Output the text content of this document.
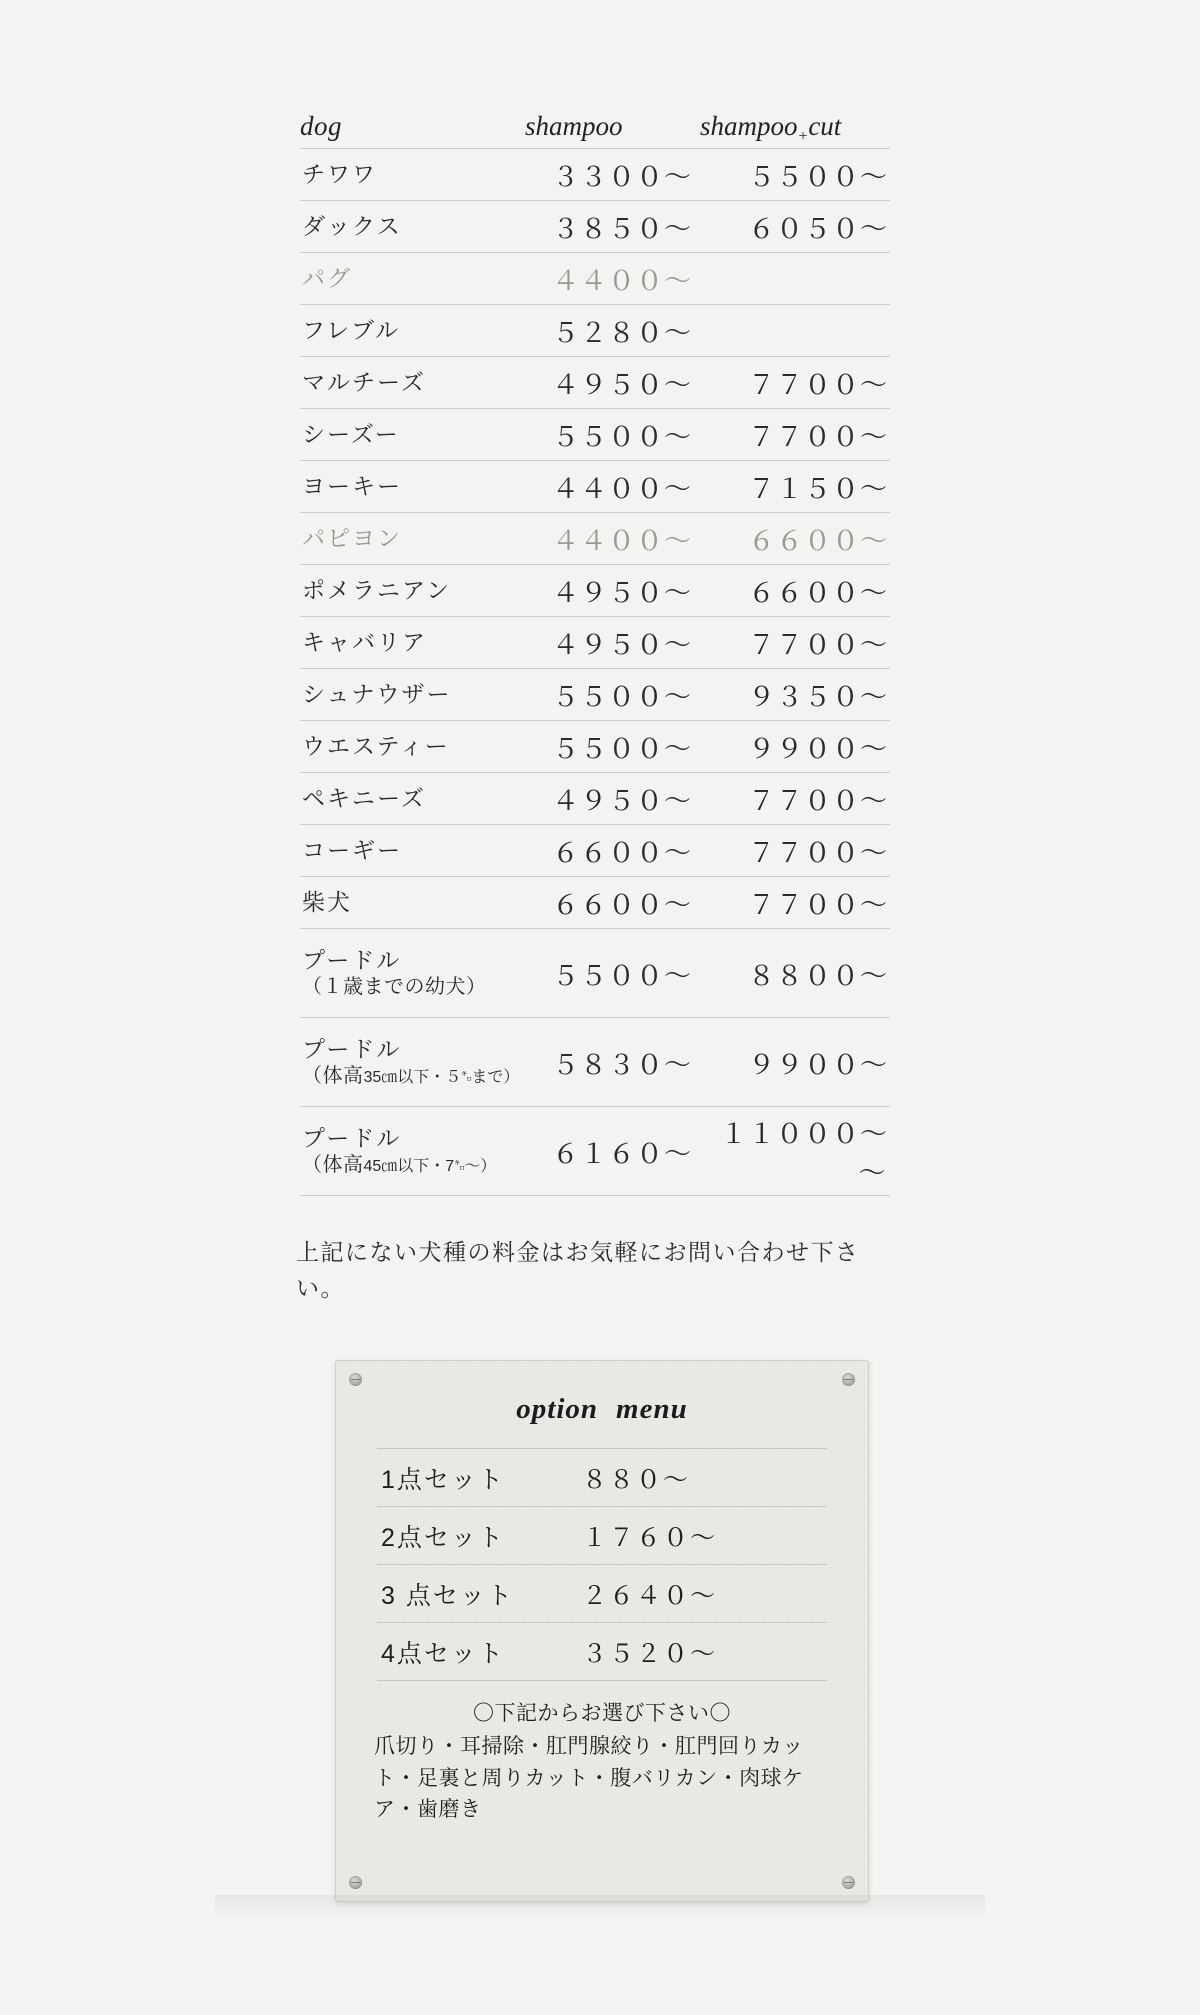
dog	shampoo	shampoo$_+$cut
チワワ	３３００〜	５５００〜
ダックス	３８５０〜	６０５０〜
パグ	４４００〜	
フレブル	５２８０〜	
マルチーズ	４９５０〜	７７００〜
シーズー	５５００〜	７７００〜
ヨーキー	４４００〜	７１５０〜
パピヨン	４４００〜	６６００〜
ポメラニアン	４９５０〜	６６００〜
キャバリア	４９５０〜	７７００〜
シュナウザー	５５００〜	９３５０〜
ウエスティー	５５００〜	９９００〜
ペキニーズ	４９５０〜	７７００〜
コーギー	６６００〜	７７００〜
柴犬	６６００〜	７７００〜
プードル
（１歳までの幼犬）	５５００〜	８８００〜
プードル
（体高35㎝以下・５㌔まで）	５８３０〜	９９００〜
プードル
（体高45㎝以下・7㌔〜）	６１６０〜	１１０００〜
〜
上記にない犬種の料金はお気軽にお問い合わせ下さい。
option menu
1点セット	８８０〜
2点セット	１７６０〜
3 点セット	２６４０〜
4点セット	３５２０〜
〇下記からお選び下さい〇
爪切り・耳掃除・肛門腺絞り・肛門回りカット・足裏と周りカット・腹バリカン・肉球ケア・歯磨き
